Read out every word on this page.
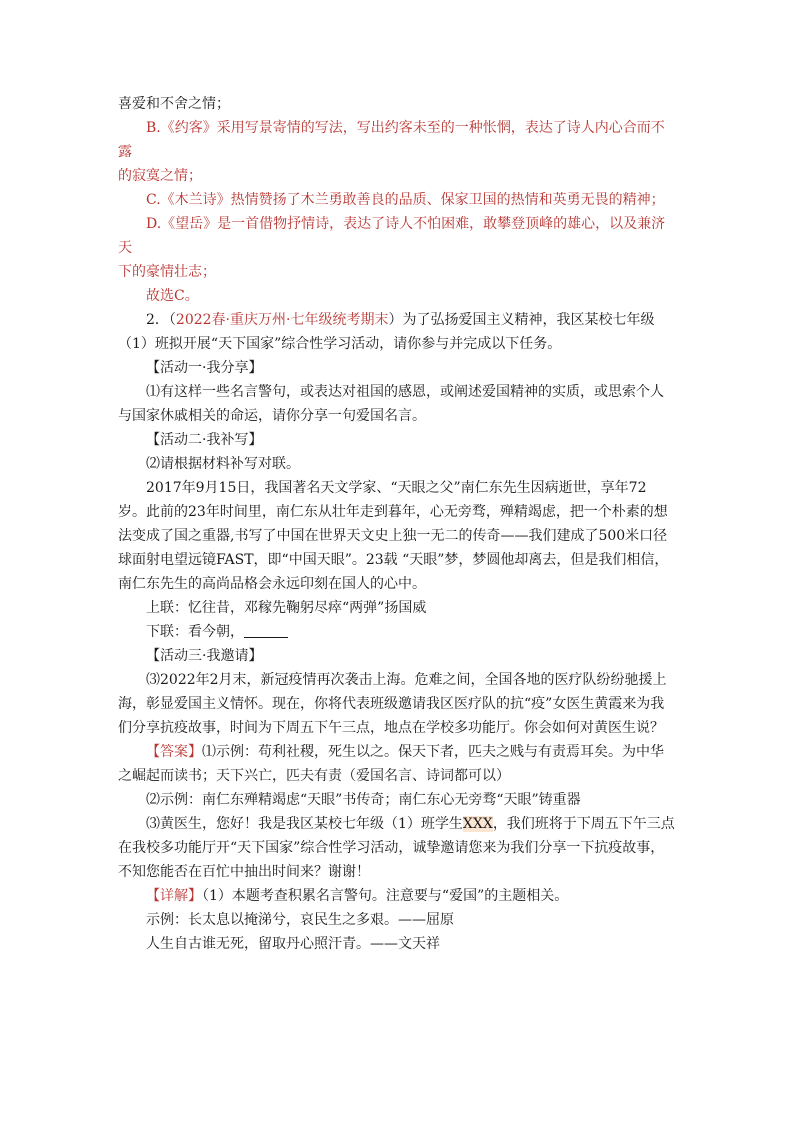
喜爱和不舍之情；

B.《约客》采用写景寄情的写法，写出约客未至的一种怅惘，表达了诗人内心合而不露

的寂寞之情；

C.《木兰诗》热情赞扬了木兰勇敢善良的品质、保家卫国的热情和英勇无畏的精神；

D.《望岳》是一首借物抒情诗，表达了诗人不怕困难，敢攀登顶峰的雄心，以及兼济天

下的豪情壮志；

故选C。

2．（2022春·重庆万州·七年级统考期末）为了弘扬爱国主义精神，我区某校七年级

（1）班拟开展“天下国家”综合性学习活动，请你参与并完成以下任务。

【活动一·我分享】

⑴有这样一些名言警句，或表达对祖国的感恩，或阐述爱国精神的实质，或思索个人

与国家休戚相关的命运，请你分享一句爱国名言。

【活动二·我补写】

⑵请根据材料补写对联。

2017年9月15日，我国著名天文学家、“天眼之父”南仁东先生因病逝世，享年72

岁。此前的23年时间里，南仁东从壮年走到暮年，心无旁骛，殚精竭虑，把一个朴素的想

法变成了国之重器,书写了中国在世界天文史上独一无二的传奇——我们建成了500米口径

球面射电望远镜FAST，即“中国天眼”。23载 “天眼”梦，梦圆他却离去，但是我们相信，

南仁东先生的高尚品格会永远印刻在国人的心中。

上联：忆往昔，邓稼先鞠躬尽瘁“两弹”扬国威

下联：看今朝，

【活动三·我邀请】

⑶2022年2月末，新冠疫情再次袭击上海。危难之间，全国各地的医疗队纷纷驰援上

海，彰显爱国主义情怀。现在，你将代表班级邀请我区医疗队的抗“疫”女医生黄霞来为我

们分享抗疫故事，时间为下周五下午三点，地点在学校多功能厅。你会如何对黄医生说？

【答案】⑴示例：苟利社稷，死生以之。保天下者，匹夫之贱与有责焉耳矣。为中华

之崛起而读书；天下兴亡，匹夫有责（爱国名言、诗词都可以）

⑵示例：南仁东殚精竭虑“天眼”书传奇；南仁东心无旁骛“天眼”铸重器

⑶黄医生，您好！我是我区某校七年级（1）班学生XXX，我们班将于下周五下午三点

在我校多功能厅开“天下国家”综合性学习活动，诚挚邀请您来为我们分享一下抗疫故事，

不知您能否在百忙中抽出时间来？谢谢！

【详解】（1）本题考查积累名言警句。注意要与“爱国”的主题相关。

示例：长太息以掩涕兮，哀民生之多艰。——屈原

人生自古谁无死，留取丹心照汗青。——文天祥
